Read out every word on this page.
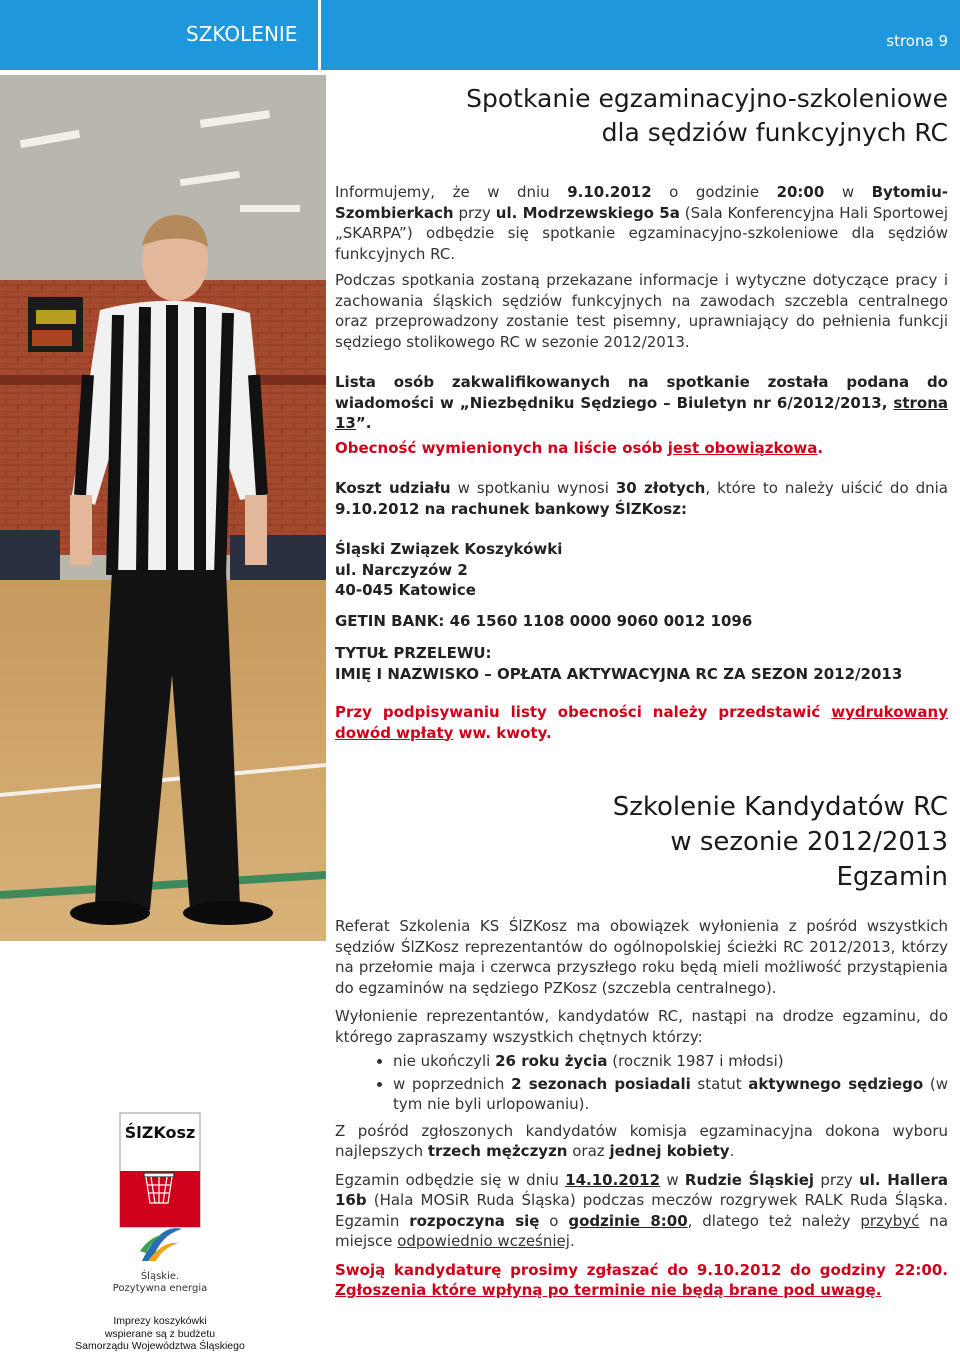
SZKOLENIE	strona 9
ŚlZKosz
Śląskie.
Pozytywna energia
Imprezy koszykówki
wspierane są z budżetu
Samorządu Województwa Śląskiego
Spotkanie egzaminacyjno-szkoleniowe
dla sędziów funkcyjnych RC

Informujemy, że w dniu 9.10.2012 o godzinie 20:00 w Bytomiu-Szombierkach przy ul. Modrzewskiego 5a (Sala Konferencyjna Hali Sportowej „SKARPA”) odbędzie się spotkanie egzaminacyjno-szkoleniowe dla sędziów funkcyjnych RC.

Podczas spotkania zostaną przekazane informacje i wytyczne dotyczące pracy i zachowania śląskich sędziów funkcyjnych na zawodach szczebla centralnego oraz przeprowadzony zostanie test pisemny, uprawniający do pełnienia funkcji sędziego stolikowego RC w sezonie 2012/2013.

Lista osób zakwalifikowanych na spotkanie została podana do wiadomości w „Niezbędniku Sędziego – Biuletyn nr 6/2012/2013, strona 13”.

Obecność wymienionych na liście osób jest obowiązkowa.

Koszt udziału w spotkaniu wynosi 30 złotych, które to należy uiścić do dnia 9.10.2012 na rachunek bankowy ŚlZKosz:

Śląski Związek Koszykówki
ul. Narczyzów 2
40-045 Katowice

GETIN BANK: 46 1560 1108 0000 9060 0012 1096

TYTUŁ PRZELEWU:
IMIĘ I NAZWISKO – OPŁATA AKTYWACYJNA RC ZA SEZON 2012/2013

Przy podpisywaniu listy obecności należy przedstawić wydrukowany dowód wpłaty ww. kwoty.

Szkolenie Kandydatów RC
w sezonie 2012/2013
Egzamin

Referat Szkolenia KS ŚlZKosz ma obowiązek wyłonienia z pośród wszystkich sędziów ŚlZKosz reprezentantów do ogólnopolskiej ścieżki RC 2012/2013, którzy na przełomie maja i czerwca przyszłego roku będą mieli możliwość przystąpienia do egzaminów na sędziego PZKosz (szczebla centralnego).

Wyłonienie reprezentantów, kandydatów RC, nastąpi na drodze egzaminu, do którego zapraszamy wszystkich chętnych którzy:

• nie ukończyli 26 roku życia (rocznik 1987 i młodsi)
• w poprzednich 2 sezonach posiadali statut aktywnego sędziego (w tym nie byli urlopowaniu).

Z pośród zgłoszonych kandydatów komisja egzaminacyjna dokona wyboru najlepszych trzech mężczyzn oraz jednej kobiety.

Egzamin odbędzie się w dniu 14.10.2012 w Rudzie Śląskiej przy ul. Hallera 16b (Hala MOSiR Ruda Śląska) podczas meczów rozgrywek RALK Ruda Śląska. Egzamin rozpoczyna się o godzinie 8:00, dlatego też należy przybyć na miejsce odpowiednio wcześniej.

Swoją kandydaturę prosimy zgłaszać do 9.10.2012 do godziny 22:00. Zgłoszenia które wpłyną po terminie nie będą brane pod uwagę.
